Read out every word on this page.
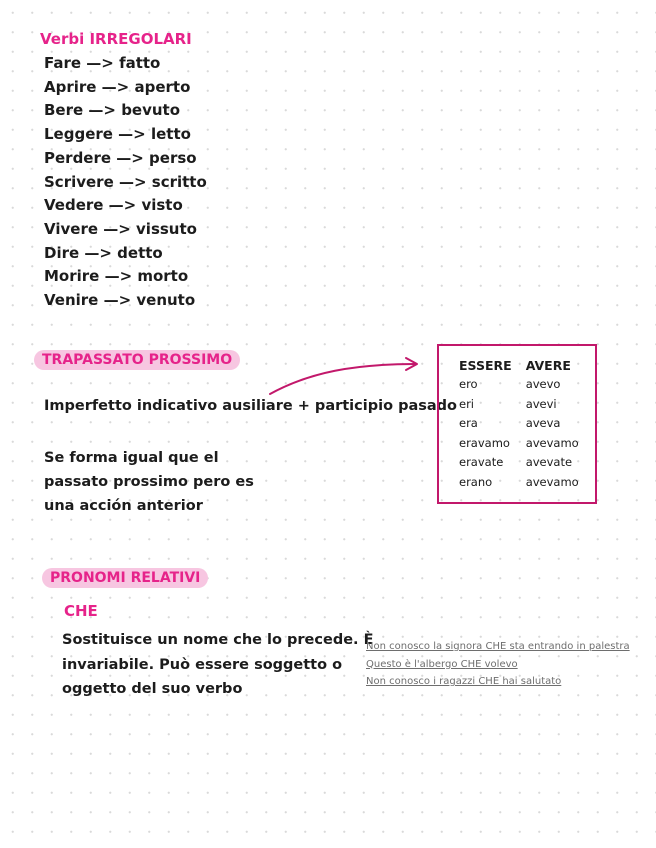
Verbi IRREGOLARI
Fare —> fatto
Aprire —> aperto
Bere —> bevuto
Leggere —> letto
Perdere —> perso
Scrivere —> scritto
Vedere —> visto
Vivere —> vissuto
Dire —> detto
Morire —> morto
Venire —> venuto
TRAPASSATO PROSSIMO
Imperfetto indicativo ausiliare + participio pasado
Se forma igual que el
passato prossimo pero es
una acción anterior
ESSERE	AVERE
ero	avevo
eri	avevi
era	aveva
eravamo	avevamo
eravate	avevate
erano	avevamo
PRONOMI RELATIVI
CHE
Sostituisce un nome che lo precede. È
invariabile. Può essere soggetto o
oggetto del suo verbo
Non conosco la signora CHE sta entrando in palestra
Questo è l'albergo CHE volevo
Non conosco i ragazzi CHE hai salutato
